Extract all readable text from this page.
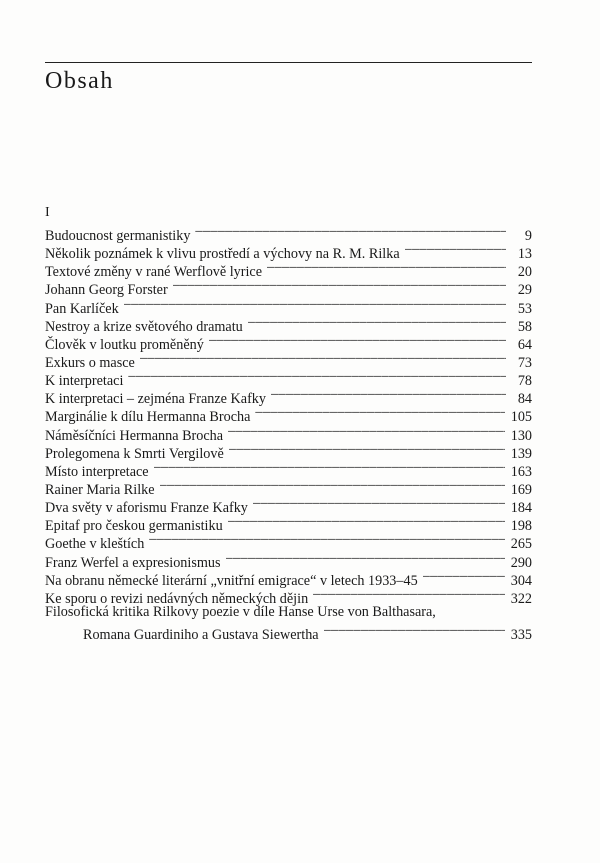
Obsah
I
Budoucnost germanistiky – – –	9
Několik poznámek k vlivu prostředí a výchovy na R. M. Rilka – – –	13
Textové změny v rané Werflově lyrice – – –	20
Johann Georg Forster – – –	29
Pan Karlíček – – –	53
Nestroy a krize světového dramatu – – –	58
Člověk v loutku proměněný – – –	64
Exkurs o masce – – –	73
K interpretaci – – –	78
K interpretaci – zejména Franze Kafky – – –	84
Marginálie k dílu Hermanna Brocha – – –	105
Náměsíčníci Hermanna Brocha – – –	130
Prolegomena k Smrti Vergilově – – –	139
Místo interpretace – – –	163
Rainer Maria Rilke – – –	169
Dva světy v aforismu Franze Kafky – – –	184
Epitaf pro českou germanistiku – – –	198
Goethe v kleštích – – –	265
Franz Werfel a expresionismus – – –	290
Na obranu německé literární „vnitřní emigrace“ v letech 1933–45 – – –	304
Ke sporu o revizi nedávných německých dějin – – –	322
Filosofická kritika Rilkovy poezie v díle Hanse Urse von Balthasara,
Romana Guardiniho a Gustava Siewertha – – –	335
